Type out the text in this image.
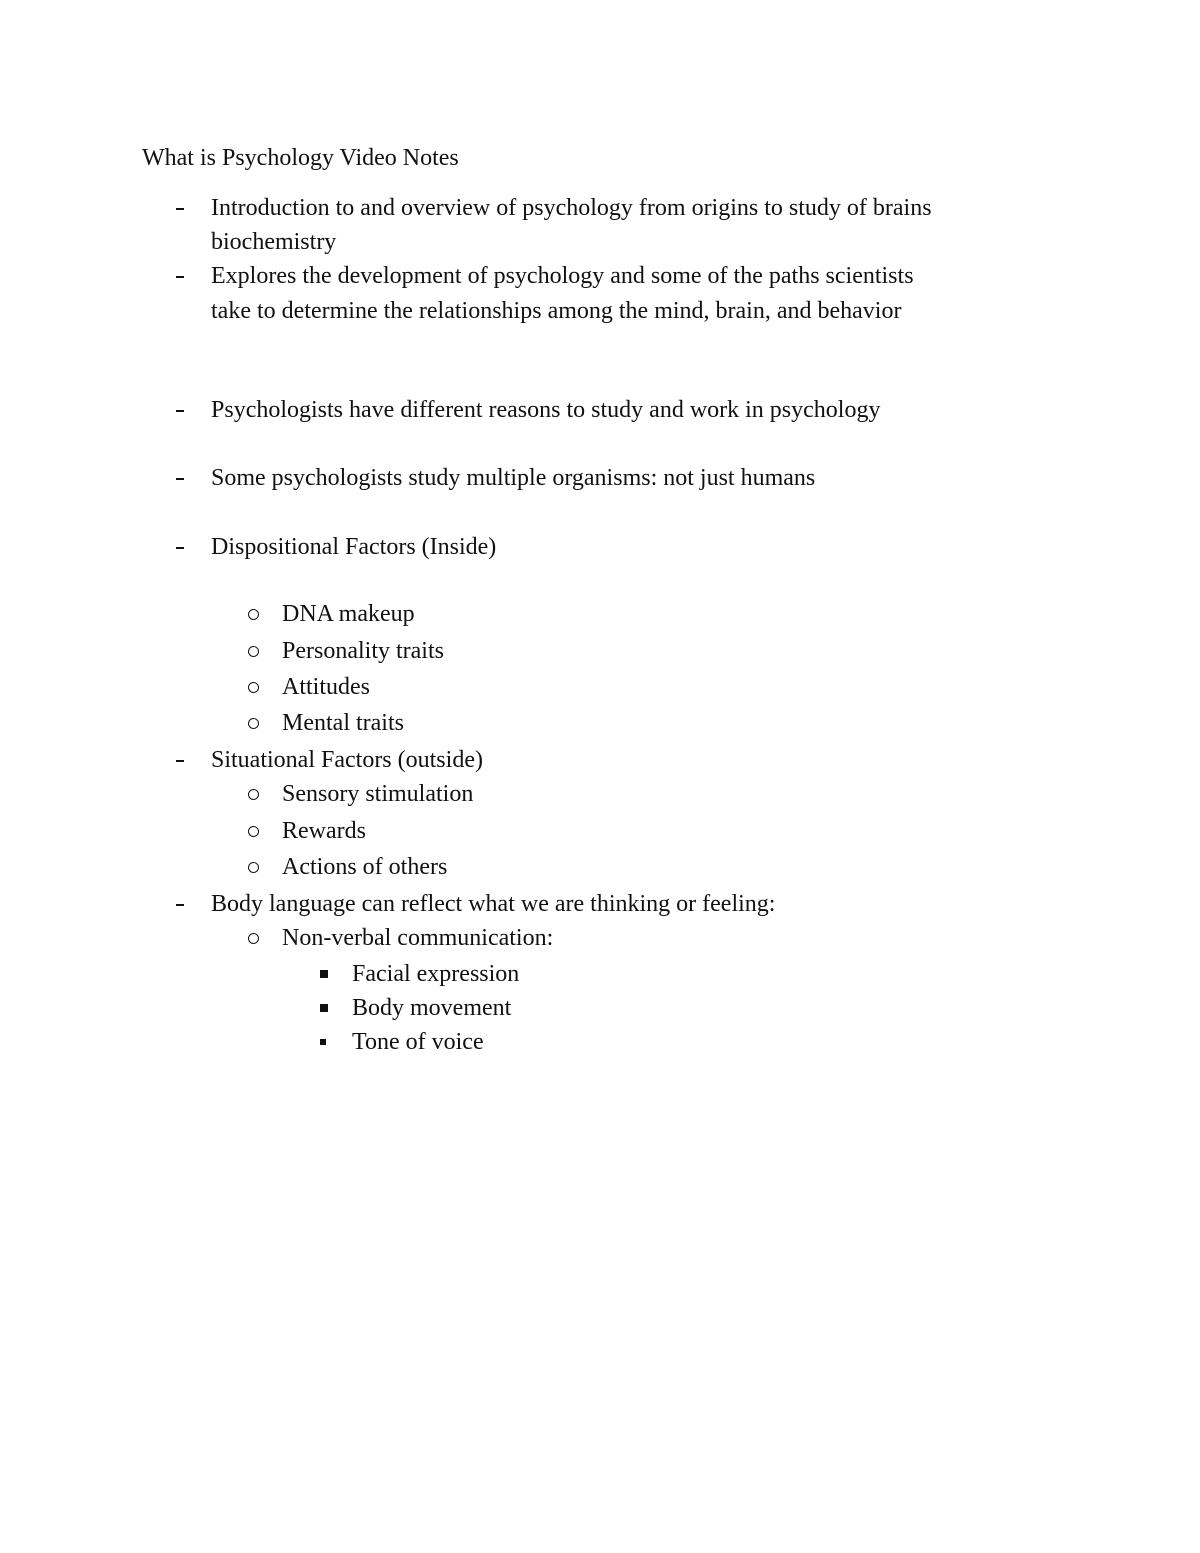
What is Psychology Video Notes
Introduction to and overview of psychology from origins to study of brains
biochemistry
Explores the development of psychology and some of the paths scientists
take to determine the relationships among the mind, brain, and behavior
Psychologists have different reasons to study and work in psychology
Some psychologists study multiple organisms: not just humans
Dispositional Factors (Inside)
DNA makeup
Personality traits
Attitudes
Mental traits
Situational Factors (outside)
Sensory stimulation
Rewards
Actions of others
Body language can reflect what we are thinking or feeling:
Non-verbal communication:
Facial expression
Body movement
Tone of voice
